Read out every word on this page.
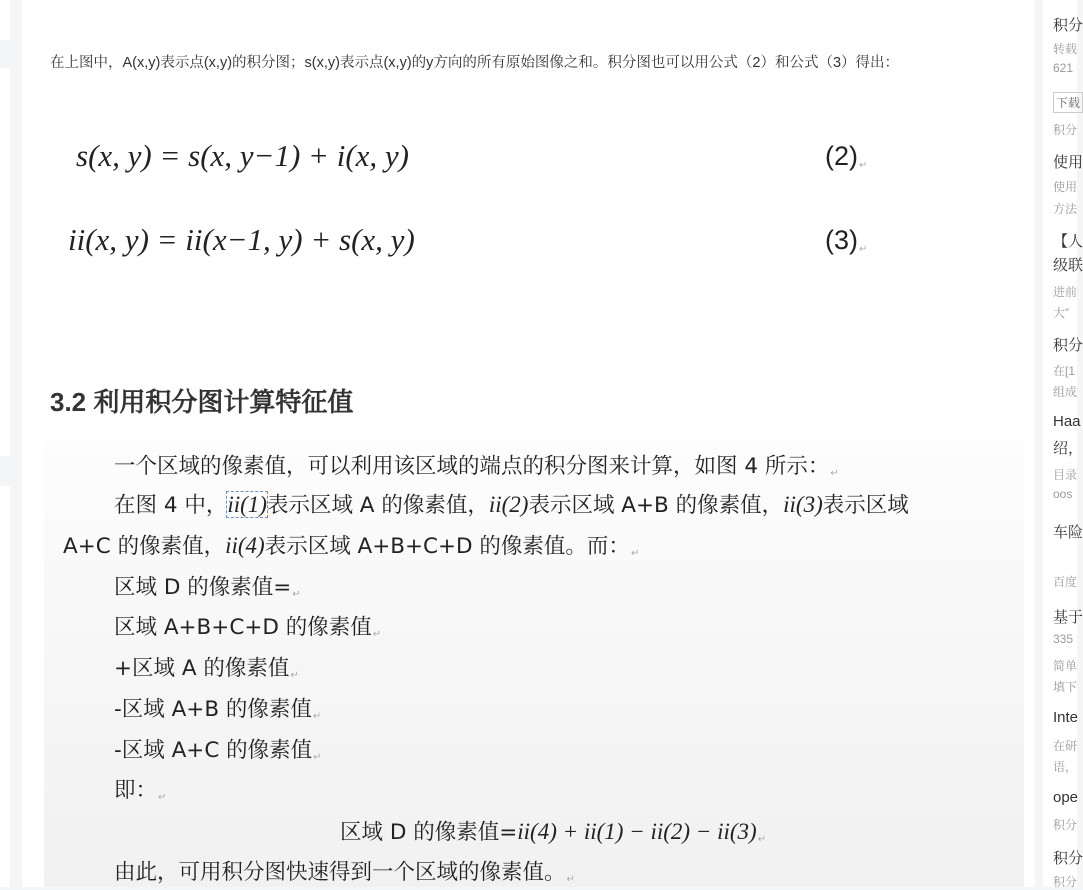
在上图中，A(x,y)表示点(x,y)的积分图；s(x,y)表示点(x,y)的y方向的所有原始图像之和。积分图也可以用公式（2）和公式（3）得出：
s(x, y) = s(x, y−1) + i(x, y)	(2)↵
ii(x, y) = ii(x−1, y) + s(x, y)	(3)↵
3.2 利用积分图计算特征值
一个区域的像素值，可以利用该区域的端点的积分图来计算，如图 4 所示：↵
在图 4 中，ii(1)表示区域 A 的像素值，ii(2)表示区域 A+B 的像素值，ii(3)表示区域
A+C 的像素值，ii(4)表示区域 A+B+C+D 的像素值。而：↵
区域 D 的像素值=↵
区域 A+B+C+D 的像素值↵
+区域 A 的像素值↵
-区域 A+B 的像素值↵
-区域 A+C 的像素值↵
即：↵
区域 D 的像素值=ii(4) + ii(1) − ii(2) − ii(3)↵
由此，可用积分图快速得到一个区域的像素值。↵
积分
转载
621
下载
积分
使用
使用
方法
【人
级联
进前
大”
积分
在[1
组成
Haa
绍，
目录
oos
车险
百度
基于
335
简单
填下
Inte
在研
语，
ope
积分
积分
积分
